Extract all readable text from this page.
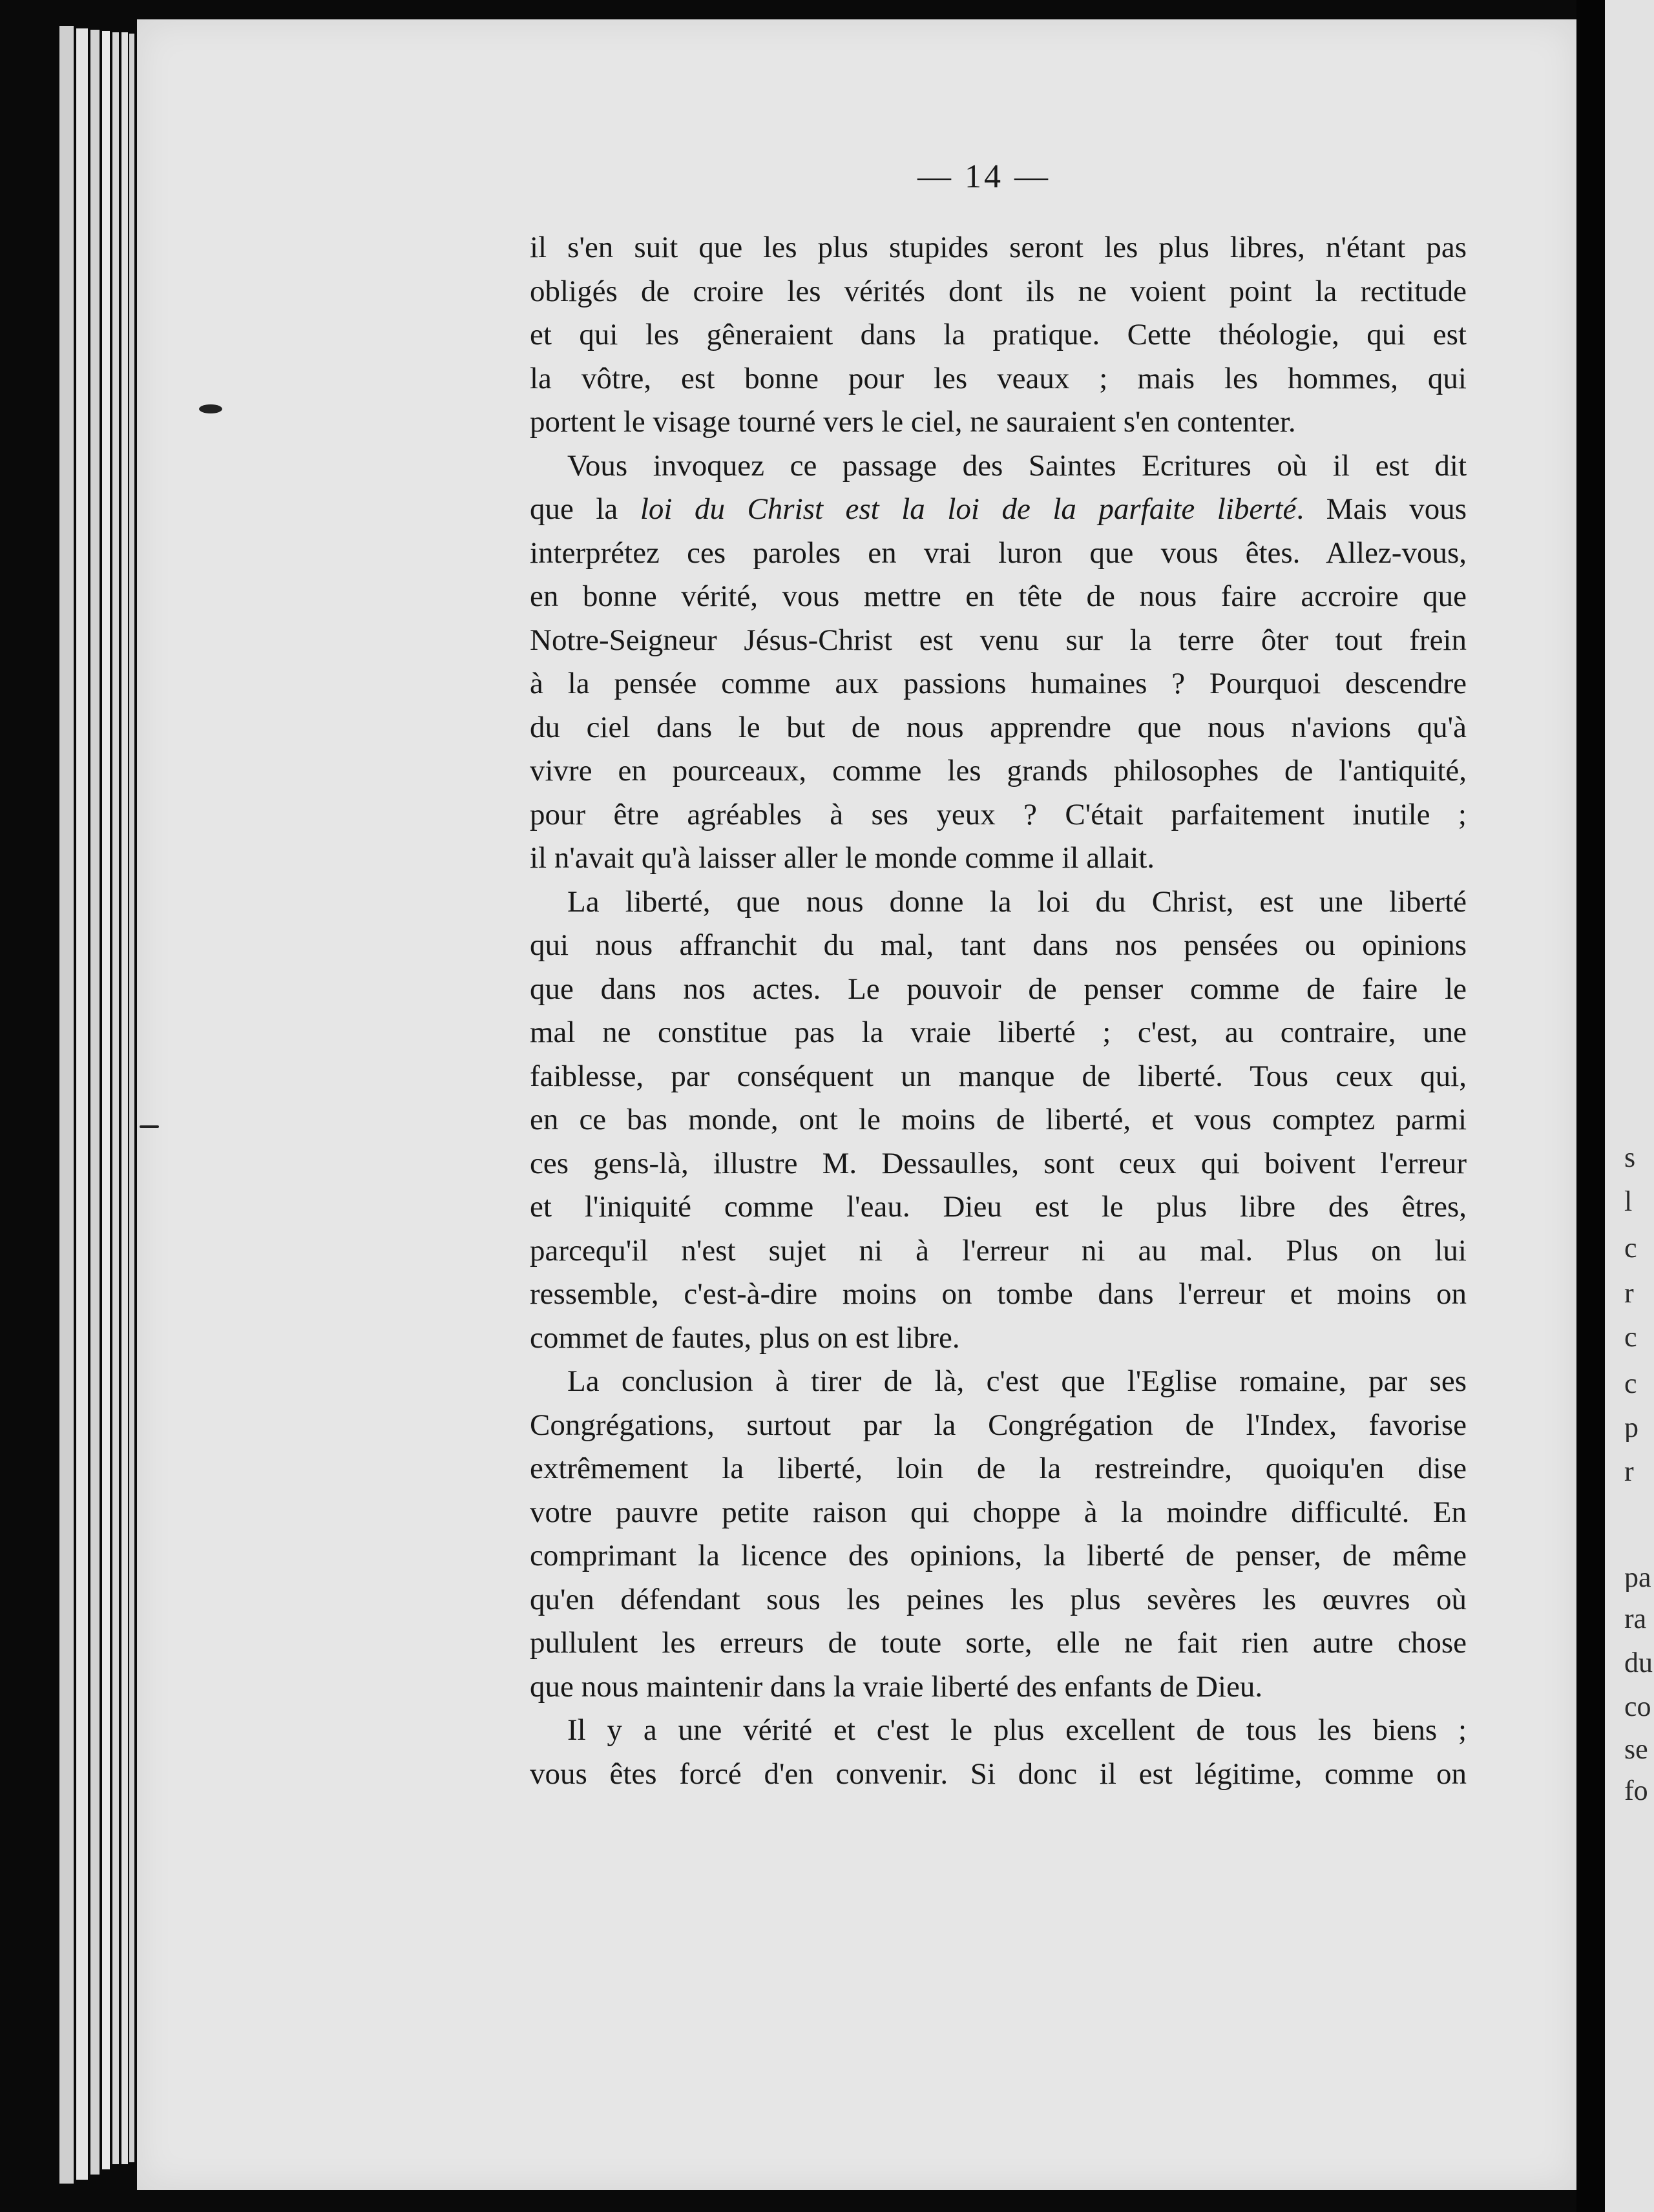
— 14 —
il s'en suit que les plus stupides seront les plus libres, n'étant pas
obligés de croire les vérités dont ils ne voient point la rectitude
et qui les gêneraient dans la pratique. Cette théologie, qui est
la vôtre, est bonne pour les veaux ; mais les hommes, qui
portent le visage tourné vers le ciel, ne sauraient s'en contenter.
Vous invoquez ce passage des Saintes Ecritures où il est dit
que la loi du Christ est la loi de la parfaite liberté. Mais vous
interprétez ces paroles en vrai luron que vous êtes. Allez-vous,
en bonne vérité, vous mettre en tête de nous faire accroire que
Notre-Seigneur Jésus-Christ est venu sur la terre ôter tout frein
à la pensée comme aux passions humaines ? Pourquoi descendre
du ciel dans le but de nous apprendre que nous n'avions qu'à
vivre en pourceaux, comme les grands philosophes de l'antiquité,
pour être agréables à ses yeux ? C'était parfaitement inutile ;
il n'avait qu'à laisser aller le monde comme il allait.
La liberté, que nous donne la loi du Christ, est une liberté
qui nous affranchit du mal, tant dans nos pensées ou opinions
que dans nos actes. Le pouvoir de penser comme de faire le
mal ne constitue pas la vraie liberté ; c'est, au contraire, une
faiblesse, par conséquent un manque de liberté. Tous ceux qui,
en ce bas monde, ont le moins de liberté, et vous comptez parmi
ces gens-là, illustre M. Dessaulles, sont ceux qui boivent l'erreur
et l'iniquité comme l'eau. Dieu est le plus libre des êtres,
parcequ'il n'est sujet ni à l'erreur ni au mal. Plus on lui
ressemble, c'est-à-dire moins on tombe dans l'erreur et moins on
commet de fautes, plus on est libre.
La conclusion à tirer de là, c'est que l'Eglise romaine, par ses
Congrégations, surtout par la Congrégation de l'Index, favorise
extrêmement la liberté, loin de la restreindre, quoiqu'en dise
votre pauvre petite raison qui choppe à la moindre difficulté. En
comprimant la licence des opinions, la liberté de penser, de même
qu'en défendant sous les peines les plus sevères les œuvres où
pullulent les erreurs de toute sorte, elle ne fait rien autre chose
que nous maintenir dans la vraie liberté des enfants de Dieu.
Il y a une vérité et c'est le plus excellent de tous les biens ;
vous êtes forcé d'en convenir. Si donc il est légitime, comme on
s
l
c
r
c
c
p
r
pa
ra
du
co
se
fo
